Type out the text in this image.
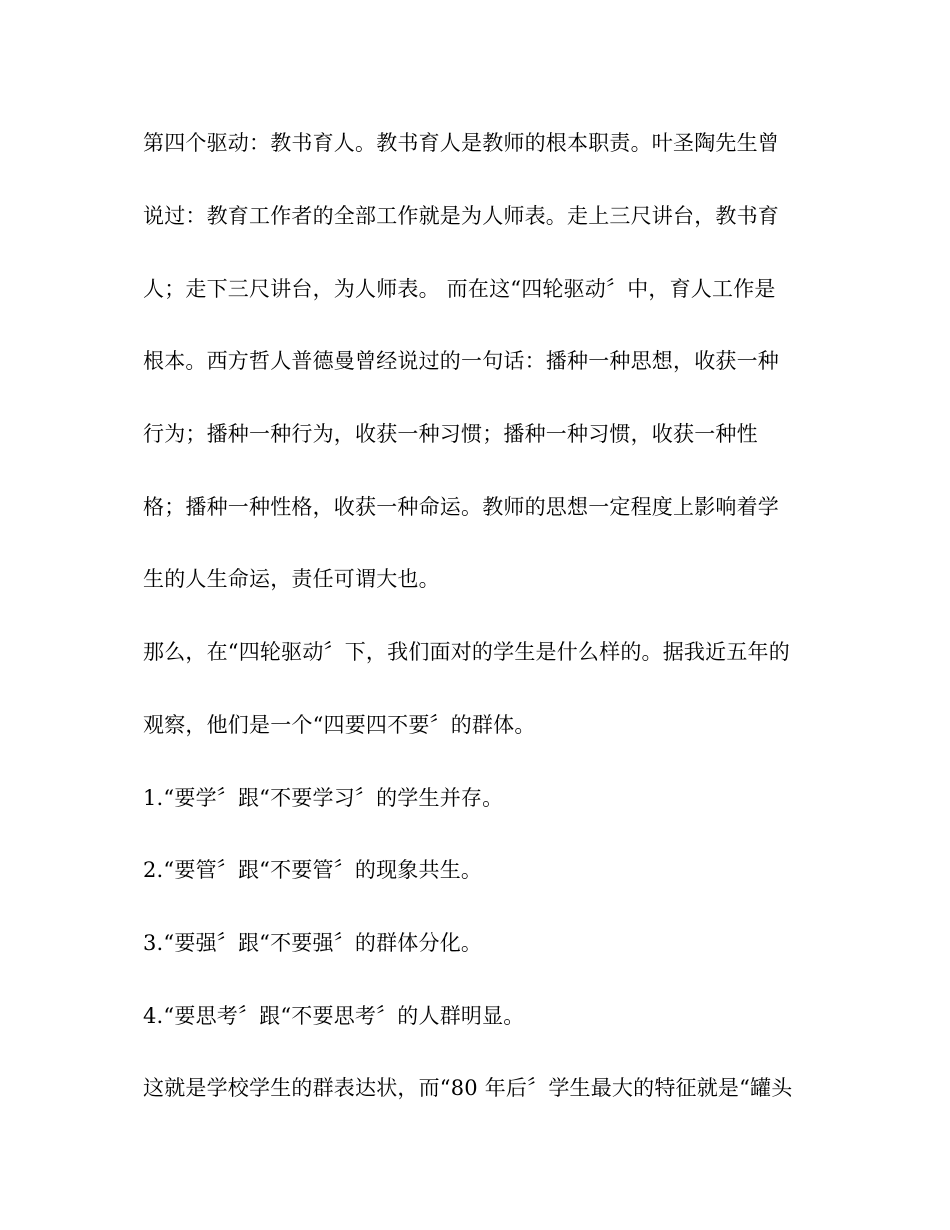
第四个驱动：教书育人。教书育人是教师的根本职责。叶圣陶先生曾
说过：教育工作者的全部工作就是为人师表。走上三尺讲台，教书育
人；走下三尺讲台，为人师表。 而在这“四轮驱动〞中，育人工作是
根本。西方哲人普德曼曾经说过的一句话：播种一种思想，收获一种
行为；播种一种行为，收获一种习惯；播种一种习惯，收获一种性
格；播种一种性格，收获一种命运。教师的思想一定程度上影响着学
生的人生命运，责任可谓大也。
那么，在“四轮驱动〞下，我们面对的学生是什么样的。据我近五年的
观察，他们是一个“四要四不要〞的群体。
1.“要学〞跟“不要学习〞的学生并存。
2.“要管〞跟“不要管〞的现象共生。
3.“要强〞跟“不要强〞的群体分化。
4.“要思考〞跟“不要思考〞的人群明显。
这就是学校学生的群表达状，而“80 年后〞学生最大的特征就是“罐头
